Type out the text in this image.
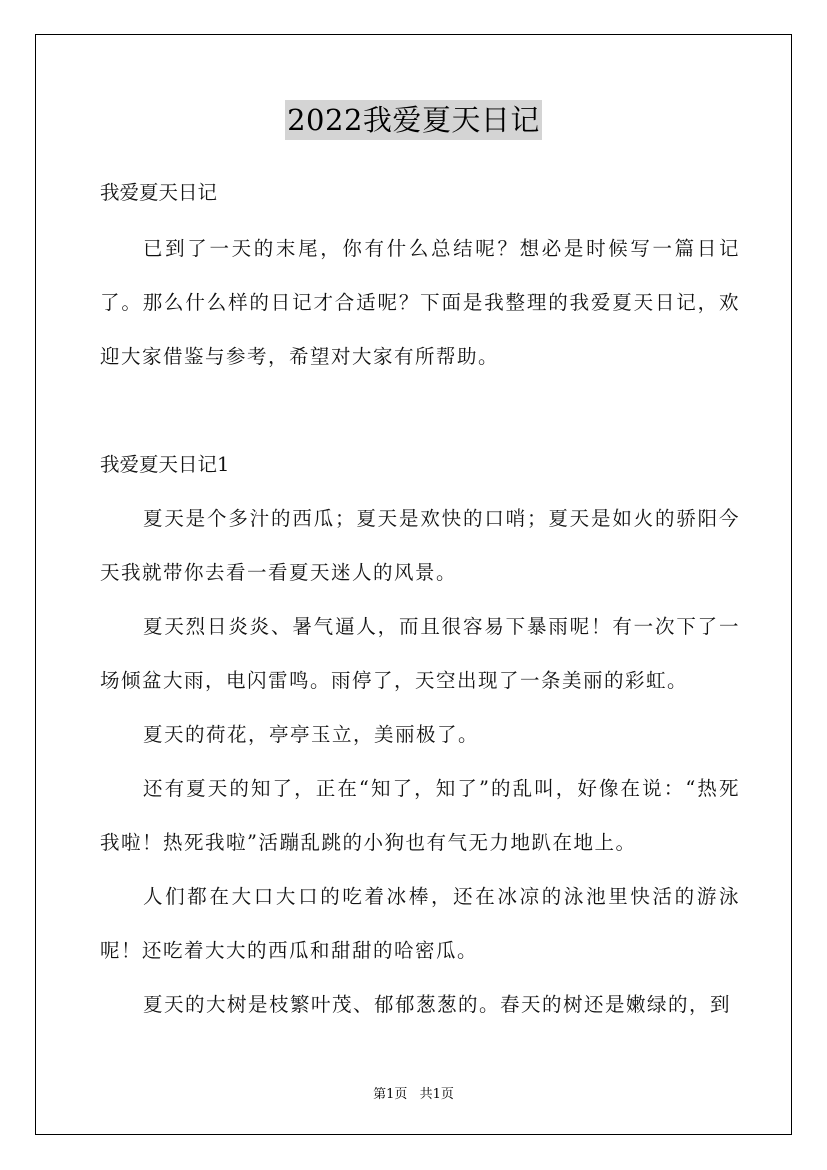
2022我爱夏天日记
我爱夏天日记

已到了一天的末尾，你有什么总结呢？想必是时候写一篇日记了。那么什么样的日记才合适呢？下面是我整理的我爱夏天日记，欢迎大家借鉴与参考，希望对大家有所帮助。

我爱夏天日记1

夏天是个多汁的西瓜；夏天是欢快的口哨；夏天是如火的骄阳今天我就带你去看一看夏天迷人的风景。

夏天烈日炎炎、暑气逼人，而且很容易下暴雨呢！有一次下了一场倾盆大雨，电闪雷鸣。雨停了，天空出现了一条美丽的彩虹。

夏天的荷花，亭亭玉立，美丽极了。

还有夏天的知了，正在“知了，知了”的乱叫，好像在说：“热死我啦！热死我啦”活蹦乱跳的小狗也有气无力地趴在地上。

人们都在大口大口的吃着冰棒，还在冰凉的泳池里快活的游泳呢！还吃着大大的西瓜和甜甜的哈密瓜。

夏天的大树是枝繁叶茂、郁郁葱葱的。春天的树还是嫩绿的，到

第1页 共1页
